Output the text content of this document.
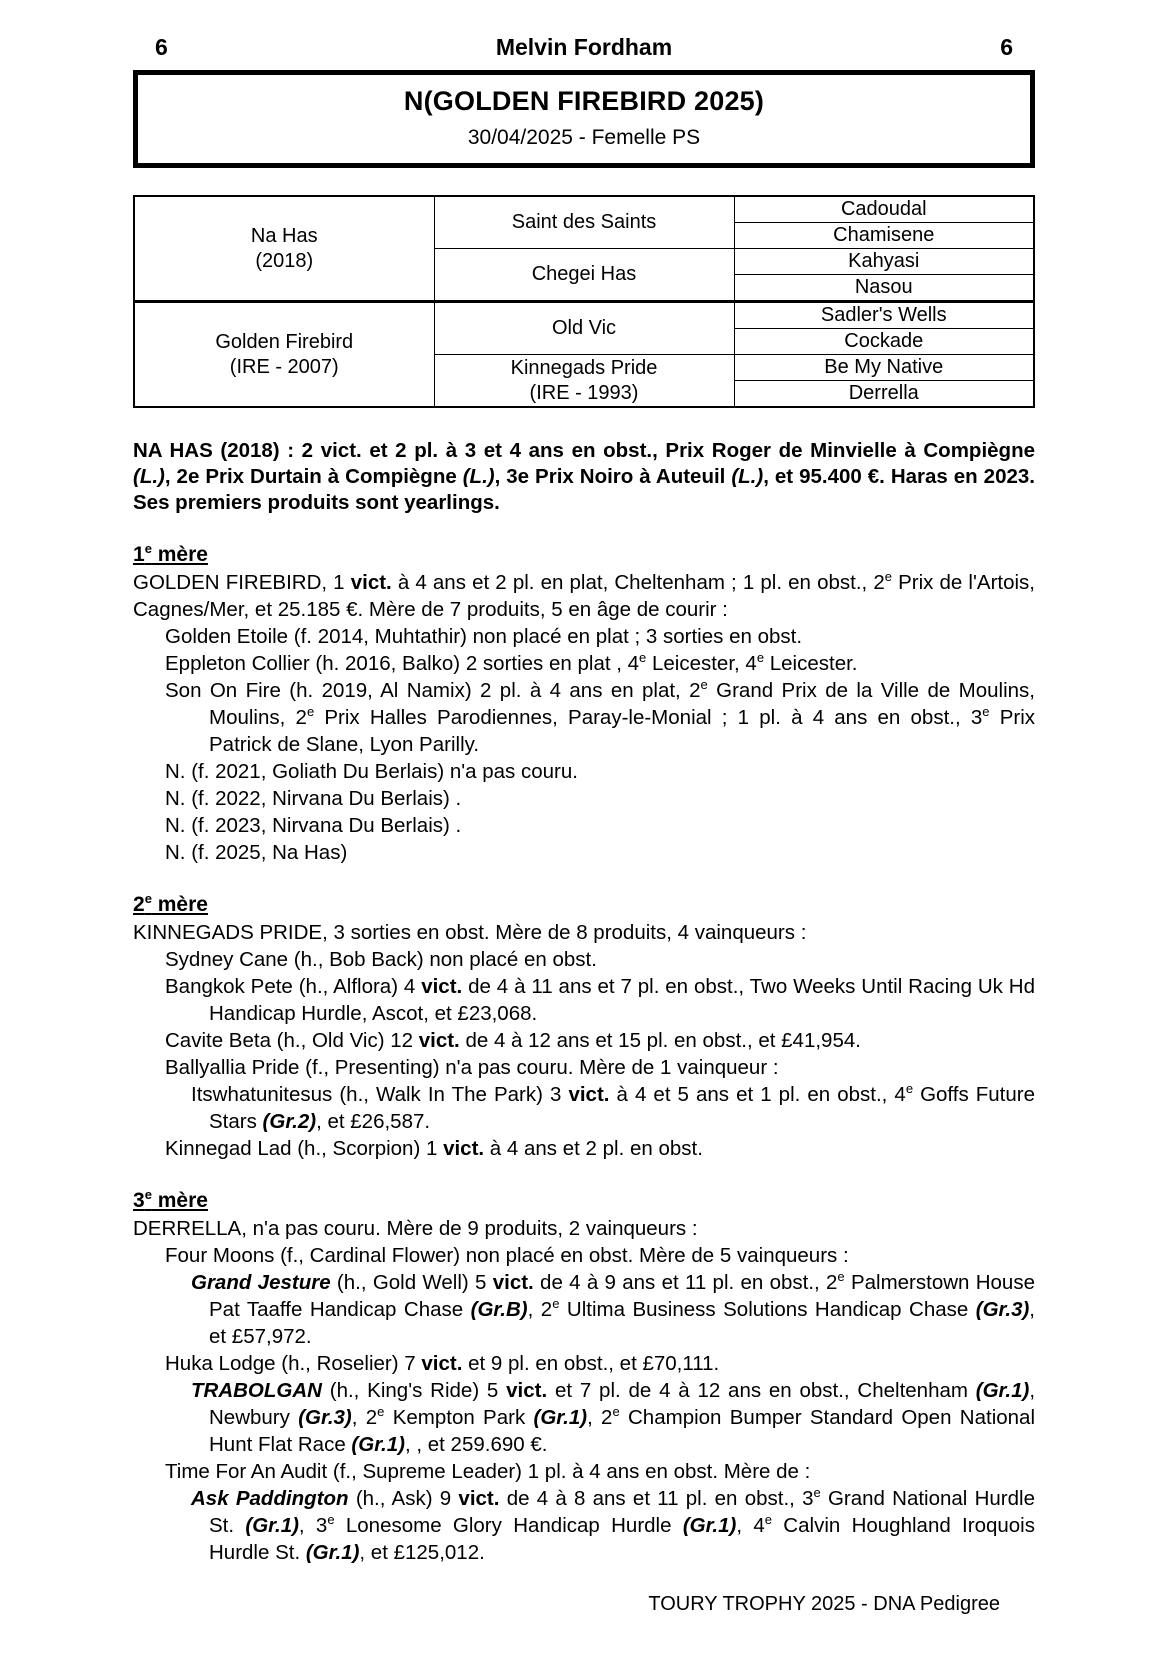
6	Melvin Fordham	6
N(GOLDEN FIREBIRD 2025)
30/04/2025 - Femelle PS
Na Has
(2018)	Saint des Saints	Cadoudal

		Chamisene

	Chegei Has	Kahyasi

		Nasou

Golden Firebird
(IRE - 2007)	Old Vic	Sadler's Wells

		Cockade

	Kinnegads Pride
(IRE - 1993)	Be My Native

		Derrella

NA HAS (2018) : 2 vict. et 2 pl. à 3 et 4 ans en obst., Prix Roger de Minvielle à Compiègne (L.), 2e Prix Durtain à Compiègne (L.), 3e Prix Noiro à Auteuil (L.), et 95.400 €. Haras en 2023. Ses premiers produits sont yearlings.

1e mère

GOLDEN FIREBIRD, 1 vict. à 4 ans et 2 pl. en plat, Cheltenham ; 1 pl. en obst., 2e Prix de l'Artois, Cagnes/Mer, et 25.185 €. Mère de 7 produits, 5 en âge de courir :

Golden Etoile (f. 2014, Muhtathir) non placé en plat ; 3 sorties en obst.

Eppleton Collier (h. 2016, Balko) 2 sorties en plat , 4e Leicester, 4e Leicester.

Son On Fire (h. 2019, Al Namix) 2 pl. à 4 ans en plat, 2e Grand Prix de la Ville de Moulins, Moulins, 2e Prix Halles Parodiennes, Paray-le-Monial ; 1 pl. à 4 ans en obst., 3e Prix Patrick de Slane, Lyon Parilly.

N. (f. 2021, Goliath Du Berlais) n'a pas couru.

N. (f. 2022, Nirvana Du Berlais) .

N. (f. 2023, Nirvana Du Berlais) .

N. (f. 2025, Na Has)

2e mère

KINNEGADS PRIDE, 3 sorties en obst. Mère de 8 produits, 4 vainqueurs :

Sydney Cane (h., Bob Back) non placé en obst.

Bangkok Pete (h., Alflora) 4 vict. de 4 à 11 ans et 7 pl. en obst., Two Weeks Until Racing Uk Hd Handicap Hurdle, Ascot, et £23,068.

Cavite Beta (h., Old Vic) 12 vict. de 4 à 12 ans et 15 pl. en obst., et £41,954.

Ballyallia Pride (f., Presenting) n'a pas couru. Mère de 1 vainqueur :

Itswhatunitesus (h., Walk In The Park) 3 vict. à 4 et 5 ans et 1 pl. en obst., 4e Goffs Future Stars (Gr.2), et £26,587.

Kinnegad Lad (h., Scorpion) 1 vict. à 4 ans et 2 pl. en obst.

3e mère

DERRELLA, n'a pas couru. Mère de 9 produits, 2 vainqueurs :

Four Moons (f., Cardinal Flower) non placé en obst. Mère de 5 vainqueurs :

Grand Jesture (h., Gold Well) 5 vict. de 4 à 9 ans et 11 pl. en obst., 2e Palmerstown House Pat Taaffe Handicap Chase (Gr.B), 2e Ultima Business Solutions Handicap Chase (Gr.3), et £57,972.

Huka Lodge (h., Roselier) 7 vict. et 9 pl. en obst., et £70,111.

TRABOLGAN (h., King's Ride) 5 vict. et 7 pl. de 4 à 12 ans en obst., Cheltenham (Gr.1), Newbury (Gr.3), 2e Kempton Park (Gr.1), 2e Champion Bumper Standard Open National Hunt Flat Race (Gr.1), , et 259.690 €.

Time For An Audit (f., Supreme Leader) 1 pl. à 4 ans en obst. Mère de :

Ask Paddington (h., Ask) 9 vict. de 4 à 8 ans et 11 pl. en obst., 3e Grand National Hurdle St. (Gr.1), 3e Lonesome Glory Handicap Hurdle (Gr.1), 4e Calvin Houghland Iroquois Hurdle St. (Gr.1), et £125,012.

TOURY TROPHY 2025 - DNA Pedigree
